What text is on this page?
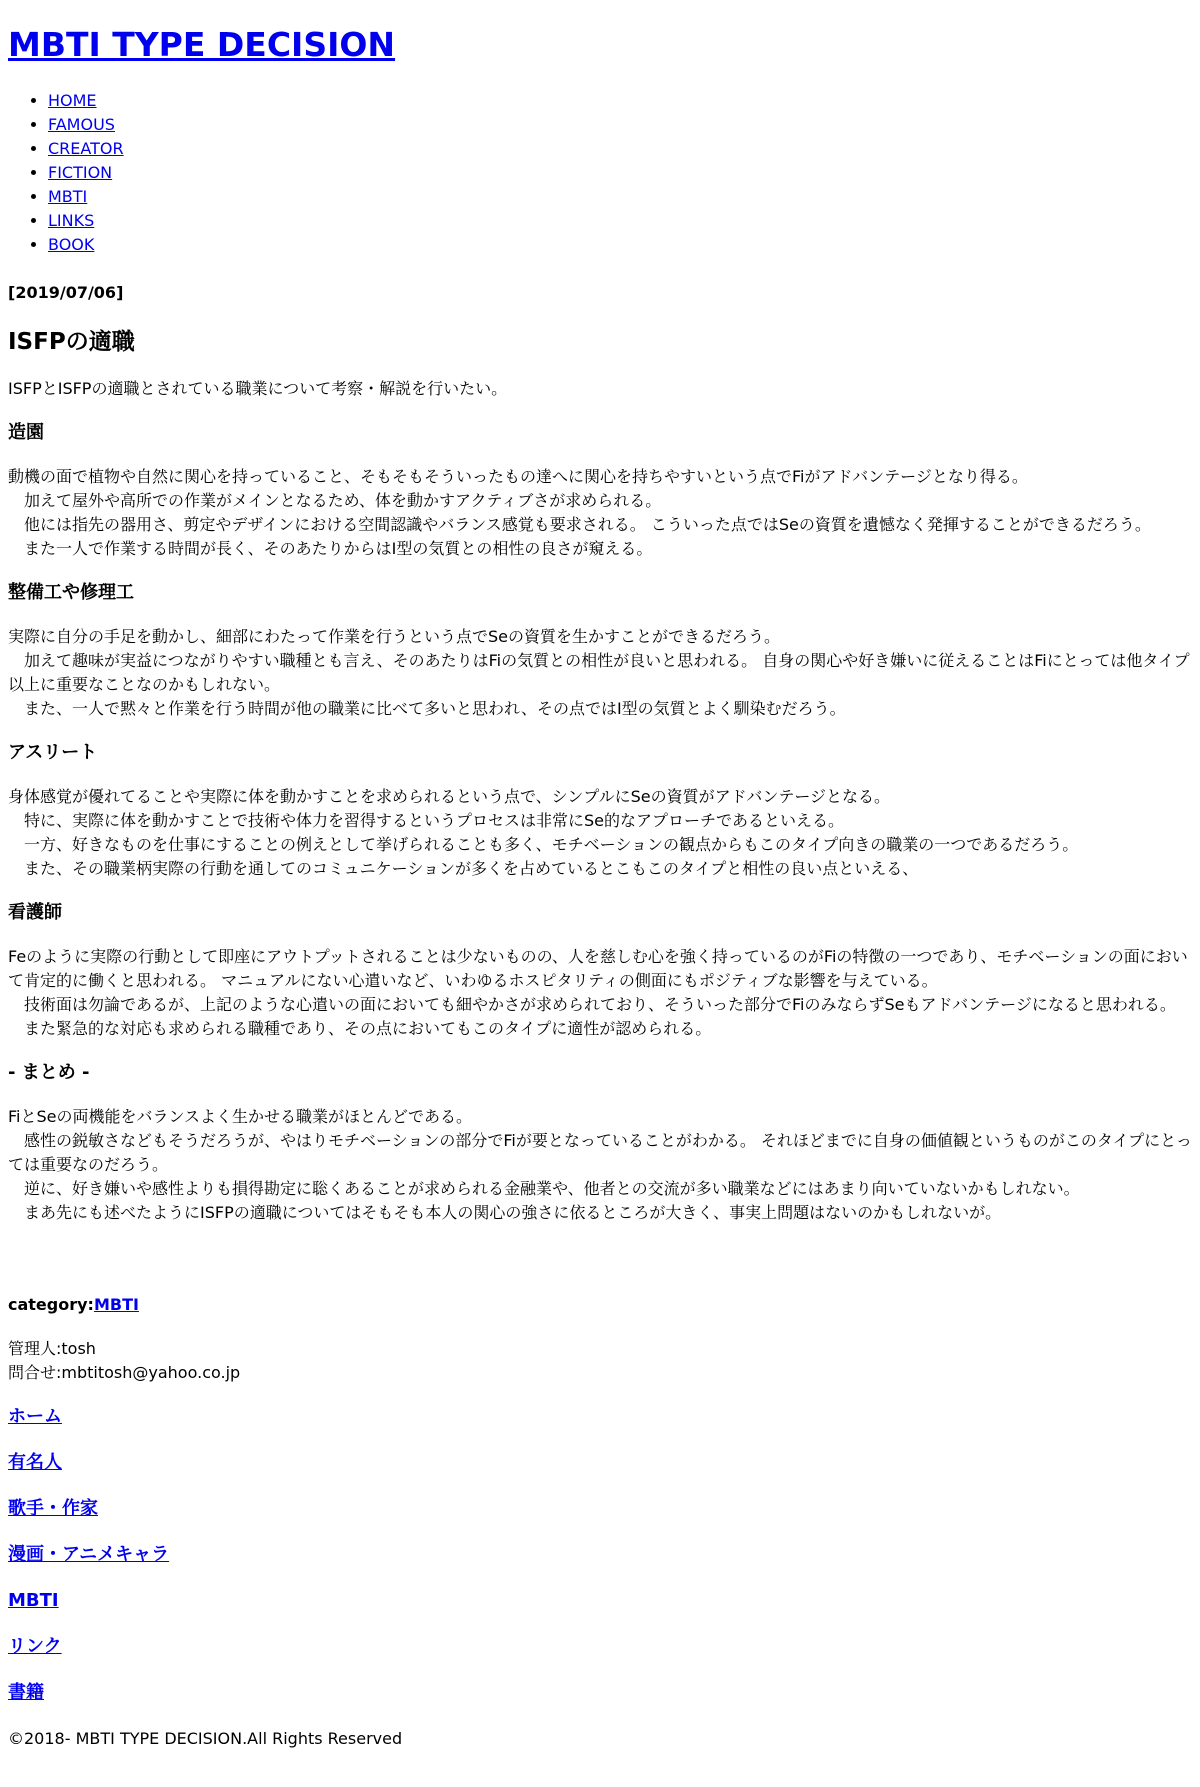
MBTI TYPE DECISION
• HOME
• FAMOUS
• CREATOR
• FICTION
• MBTI
• LINKS
• BOOK
[2019/07/06]
ISFPの適職

ISFPとISFPの適職とされている職業について考察・解説を行いたい。

造園
動機の面で植物や自然に関心を持っていること、そもそもそういったもの達へに関心を持ちやすいという点でFiがアドバンテージとなり得る。
加えて屋外や高所での作業がメインとなるため、体を動かすアクティブさが求められる。
他には指先の器用さ、剪定やデザインにおける空間認識やバランス感覚も要求される。 こういった点ではSeの資質を遺憾なく発揮することができるだろう。
また一人で作業する時間が長く、そのあたりからはI型の気質との相性の良さが窺える。
整備工や修理工
実際に自分の手足を動かし、細部にわたって作業を行うという点でSeの資質を生かすことができるだろう。
加えて趣味が実益につながりやすい職種とも言え、そのあたりはFiの気質との相性が良いと思われる。 自身の関心や好き嫌いに従えることはFiにとっては他タイプ以上に重要なことなのかもしれない。
また、一人で黙々と作業を行う時間が他の職業に比べて多いと思われ、その点ではI型の気質とよく馴染むだろう。
アスリート
身体感覚が優れてることや実際に体を動かすことを求められるという点で、シンプルにSeの資質がアドバンテージとなる。
特に、実際に体を動かすことで技術や体力を習得するというプロセスは非常にSe的なアプローチであるといえる。
一方、好きなものを仕事にすることの例えとして挙げられることも多く、モチベーションの観点からもこのタイプ向きの職業の一つであるだろう。
また、その職業柄実際の行動を通してのコミュニケーションが多くを占めているとこもこのタイプと相性の良い点といえる、
看護師
Feのように実際の行動として即座にアウトプットされることは少ないものの、人を慈しむ心を強く持っているのがFiの特徴の一つであり、モチベーションの面において肯定的に働くと思われる。 マニュアルにない心遣いなど、いわゆるホスピタリティの側面にもポジティブな影響を与えている。
技術面は勿論であるが、上記のような心遣いの面においても細やかさが求められており、そういった部分でFiのみならずSeもアドバンテージになると思われる。
また緊急的な対応も求められる職種であり、その点においてもこのタイプに適性が認められる。
- まとめ -
FiとSeの両機能をバランスよく生かせる職業がほとんどである。
感性の鋭敏さなどもそうだろうが、やはりモチベーションの部分でFiが要となっていることがわかる。 それほどまでに自身の価値観というものがこのタイプにとっては重要なのだろう。
逆に、好き嫌いや感性よりも損得勘定に聡くあることが求められる金融業や、他者との交流が多い職業などにはあまり向いていないかもしれない。
まあ先にも述べたようにISFPの適職についてはそもそも本人の関心の強さに依るところが大きく、事実上問題はないのかもしれないが。
category:MBTI
管理人:tosh
問合せ:mbtitosh@yahoo.co.jp
ホーム
有名人
歌手・作家
漫画・アニメキャラ
MBTI
リンク
書籍

©2018- MBTI TYPE DECISION.All Rights Reserved
